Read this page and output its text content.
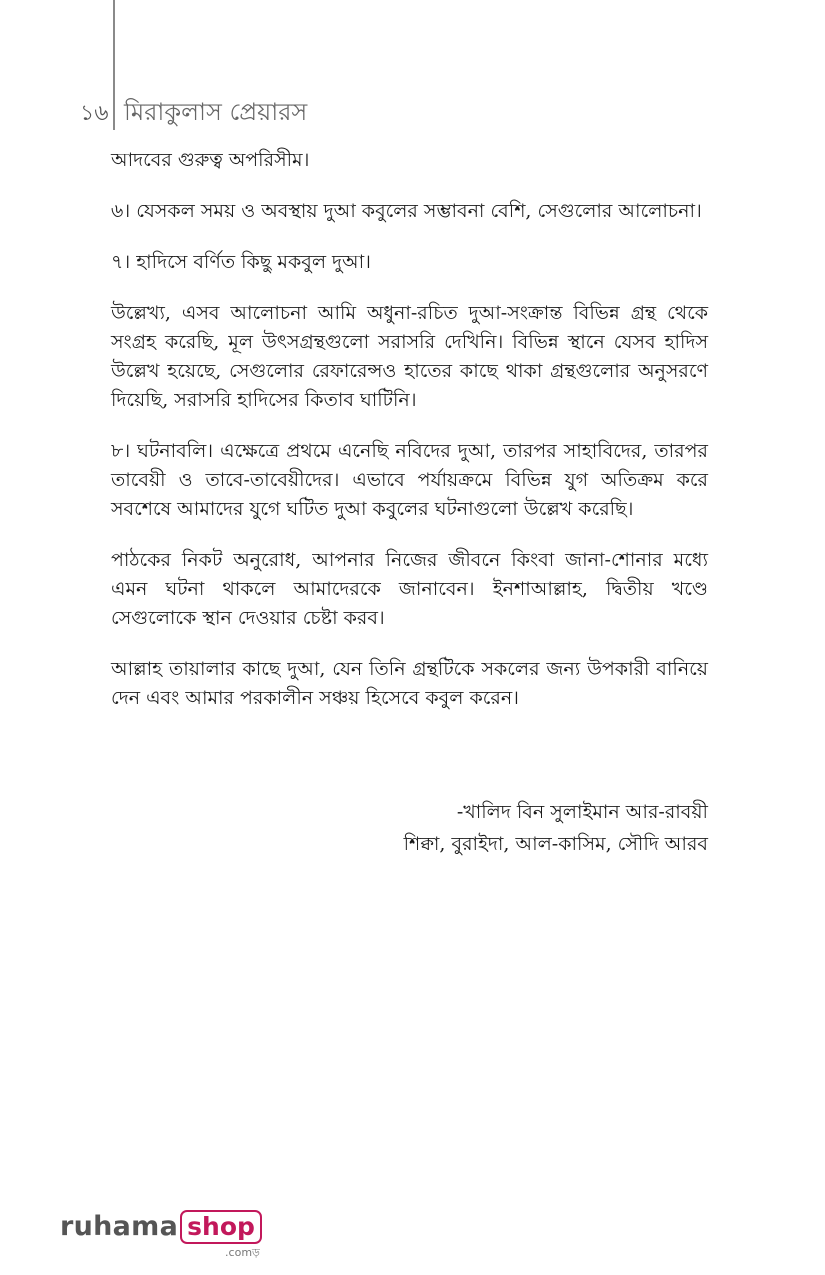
১৬ মিরাকুলাস প্রেয়ারস

আদবের গুরুত্ব অপরিসীম।

৬। যেসকল সময় ও অবস্থায় দুআ কবুলের সম্ভাবনা বেশি, সেগুলোর আলোচনা।

৭। হাদিসে বর্ণিত কিছু মকবুল দুআ।

উল্লেখ্য, এসব আলোচনা আমি অধুনা-রচিত দুআ-সংক্রান্ত বিভিন্ন গ্রন্থ থেকে সংগ্রহ করেছি, মূল উৎসগ্রন্থগুলো সরাসরি দেখিনি। বিভিন্ন স্থানে যেসব হাদিস উল্লেখ হয়েছে, সেগুলোর রেফারেন্সও হাতের কাছে থাকা গ্রন্থগুলোর অনুসরণে দিয়েছি, সরাসরি হাদিসের কিতাব ঘাটিনি।

৮। ঘটনাবলি। এক্ষেত্রে প্রথমে এনেছি নবিদের দুআ, তারপর সাহাবিদের, তারপর তাবেয়ী ও তাবে-তাবেয়ীদের। এভাবে পর্যায়ক্রমে বিভিন্ন যুগ অতিক্রম করে সবশেষে আমাদের যুগে ঘটিত দুআ কবুলের ঘটনাগুলো উল্লেখ করেছি।

পাঠকের নিকট অনুরোধ, আপনার নিজের জীবনে কিংবা জানা-শোনার মধ্যে এমন ঘটনা থাকলে আমাদেরকে জানাবেন। ইনশাআল্লাহ, দ্বিতীয় খণ্ডে সেগুলোকে স্থান দেওয়ার চেষ্টা করব।

আল্লাহ তায়ালার কাছে দুআ, যেন তিনি গ্রন্থটিকে সকলের জন্য উপকারী বানিয়ে দেন এবং আমার পরকালীন সঞ্চয় হিসেবে কবুল করেন।

-খালিদ বিন সুলাইমান আর-রাবয়ী
শিক্বা, বুরাইদা, আল-কাসিম, সৌদি আরব
ruhama shop
.comড়
